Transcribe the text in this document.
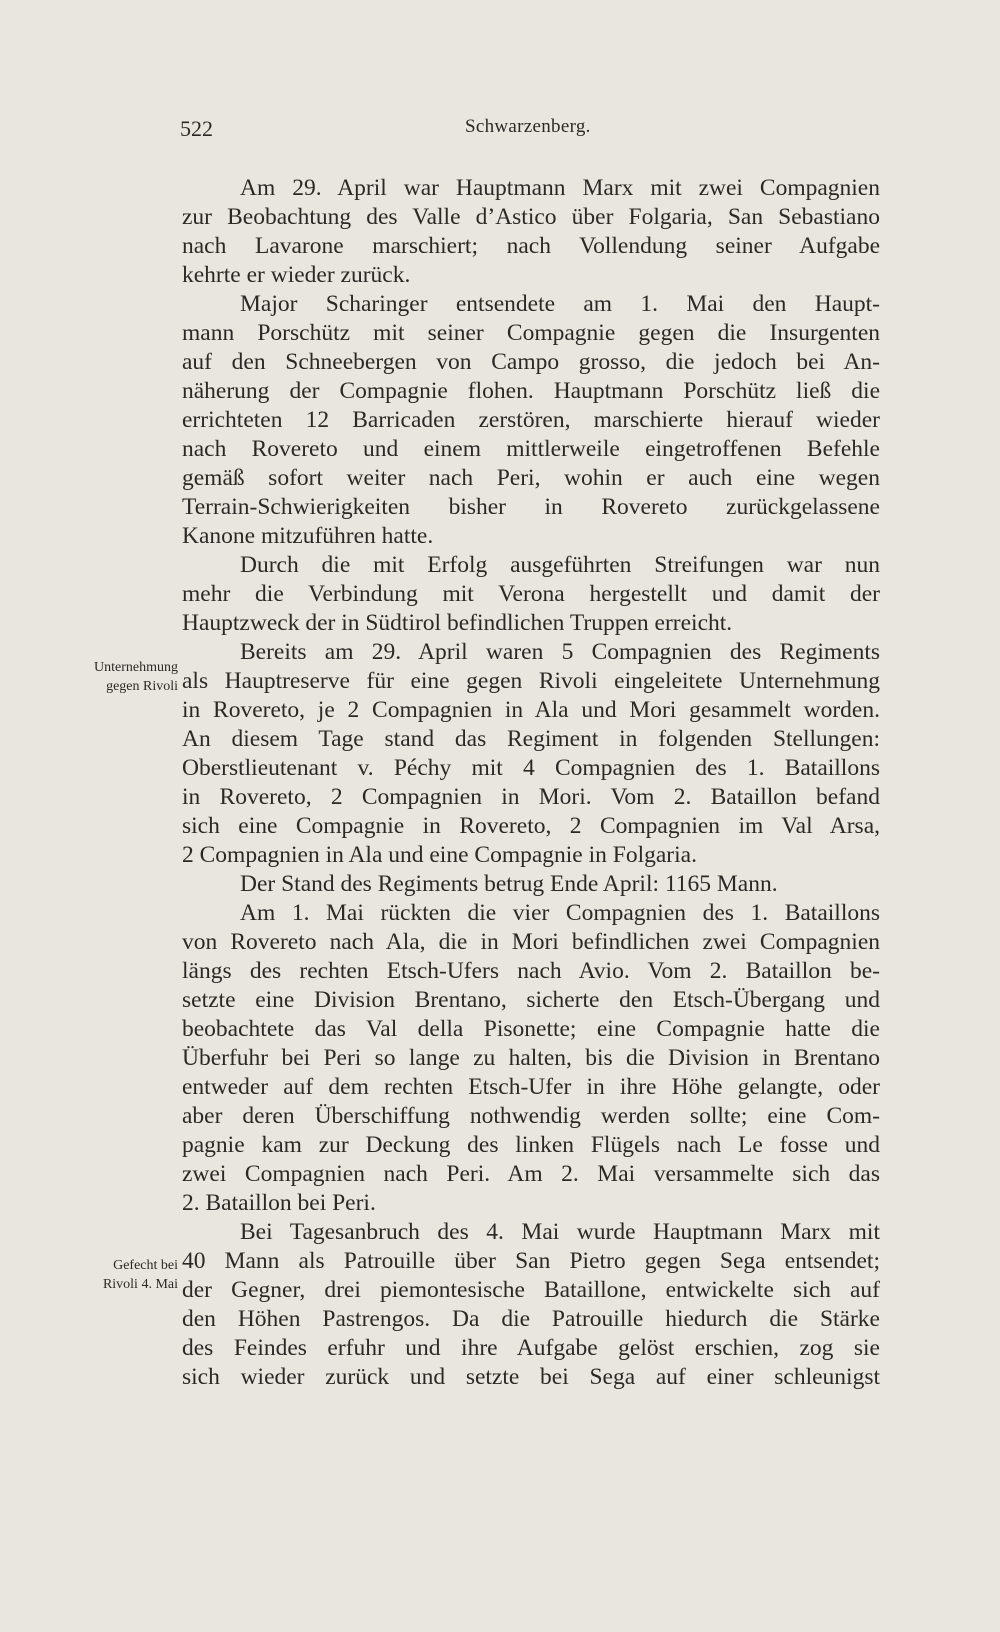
522	Schwarzenberg.
Unternehmung
gegen Rivoli
Gefecht bei
Rivoli 4. Mai
Am 29. April war Hauptmann Marx mit zwei Compagnien
zur Beobachtung des Valle d’Astico über Folgaria, San Sebastiano
nach Lavarone marschiert; nach Vollendung seiner Aufgabe
kehrte er wieder zurück.
Major Scharinger entsendete am 1. Mai den Haupt-
mann Porschütz mit seiner Compagnie gegen die Insurgenten
auf den Schneebergen von Campo grosso, die jedoch bei An-
näherung der Compagnie flohen. Hauptmann Porschütz ließ die
errichteten 12 Barricaden zerstören, marschierte hierauf wieder
nach Rovereto und einem mittlerweile eingetroffenen Befehle
gemäß sofort weiter nach Peri, wohin er auch eine wegen
Terrain-Schwierigkeiten bisher in Rovereto zurückgelassene
Kanone mitzuführen hatte.
Durch die mit Erfolg ausgeführten Streifungen war nun
mehr die Verbindung mit Verona hergestellt und damit der
Hauptzweck der in Südtirol befindlichen Truppen erreicht.
Bereits am 29. April waren 5 Compagnien des Regiments
als Hauptreserve für eine gegen Rivoli eingeleitete Unternehmung
in Rovereto, je 2 Compagnien in Ala und Mori gesammelt worden.
An diesem Tage stand das Regiment in folgenden Stellungen:
Oberstlieutenant v. Péchy mit 4 Compagnien des 1. Bataillons
in Rovereto, 2 Compagnien in Mori. Vom 2. Bataillon befand
sich eine Compagnie in Rovereto, 2 Compagnien im Val Arsa,
2 Compagnien in Ala und eine Compagnie in Folgaria.
Der Stand des Regiments betrug Ende April: 1165 Mann.
Am 1. Mai rückten die vier Compagnien des 1. Bataillons
von Rovereto nach Ala, die in Mori befindlichen zwei Compagnien
längs des rechten Etsch-Ufers nach Avio. Vom 2. Bataillon be-
setzte eine Division Brentano, sicherte den Etsch-Übergang und
beobachtete das Val della Pisonette; eine Compagnie hatte die
Überfuhr bei Peri so lange zu halten, bis die Division in Brentano
entweder auf dem rechten Etsch-Ufer in ihre Höhe gelangte, oder
aber deren Überschiffung nothwendig werden sollte; eine Com-
pagnie kam zur Deckung des linken Flügels nach Le fosse und
zwei Compagnien nach Peri. Am 2. Mai versammelte sich das
2. Bataillon bei Peri.
Bei Tagesanbruch des 4. Mai wurde Hauptmann Marx mit
40 Mann als Patrouille über San Pietro gegen Sega entsendet;
der Gegner, drei piemontesische Bataillone, entwickelte sich auf
den Höhen Pastrengos. Da die Patrouille hiedurch die Stärke
des Feindes erfuhr und ihre Aufgabe gelöst erschien, zog sie
sich wieder zurück und setzte bei Sega auf einer schleunigst
